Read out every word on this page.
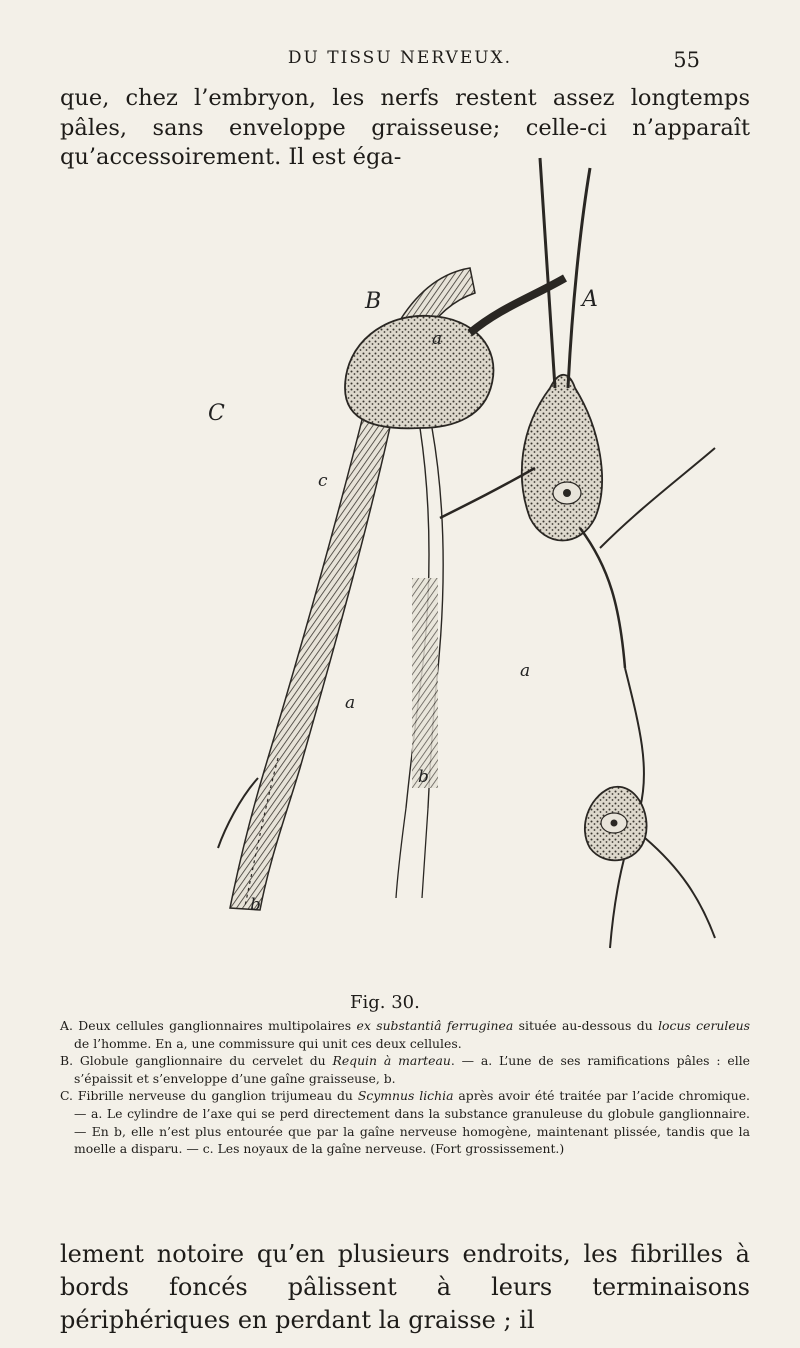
DU TISSU NERVEUX.	55
que, chez l’embryon, les nerfs restent assez longtemps pâles, sans enveloppe graisseuse; celle-ci n’apparaît qu’accessoirement. Il est éga-
B	A
C
a
c
a
a
b
b
Fig. 30.

A. Deux cellules ganglionnaires multipolaires ex substantiâ ferruginea située au-dessous du locus ceruleus de l’homme. En a, une commissure qui unit ces deux cellules.

B. Globule ganglionnaire du cervelet du Requin à marteau. — a. L’une de ses ramifications pâles : elle s’épaissit et s’enveloppe d’une gaîne graisseuse, b.

C. Fibrille nerveuse du ganglion trijumeau du Scymnus lichia après avoir été traitée par l’acide chromique. — a. Le cylindre de l’axe qui se perd directement dans la substance granuleuse du globule ganglionnaire. — En b, elle n’est plus entourée que par la gaîne nerveuse homogène, maintenant plissée, tandis que la moelle a disparu. — c. Les noyaux de la gaîne nerveuse. (Fort grossissement.)

lement notoire qu’en plusieurs endroits, les fibrilles à bords foncés pâlissent à leurs terminaisons périphériques en perdant la graisse ; il
